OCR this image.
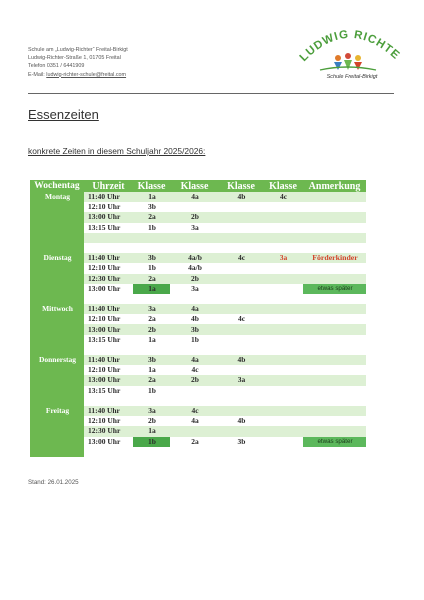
Schule am „Ludwig-Richter“ Freital-Birkigt
Ludwig-Richter-Straße 1, 01705 Freital
Telefon 0351 / 6441909
E-Mail: ludwig-richter-schule@freital.com
LUDWIG RICHTE
Schule Freital-Birkigt
Essenzeiten
konkrete Zeiten in diesem Schuljahr 2025/2026:
Wochentag	Uhrzeit	Klasse	Klasse	Klasse	Klasse	Anmerkung
Montag	11:40 Uhr	1a	4a	4b	4c	
	12:10 Uhr	3b				
	13:00 Uhr	2a	2b			
	13:15 Uhr	1b	3a			

Dienstag	11:40 Uhr	3b	4a/b	4c	3a	Förderkinder
	12:10 Uhr	1b	4a/b			
	12:30 Uhr	2a	2b			
	13:00 Uhr	1a	3a			etwas später

Mittwoch	11:40 Uhr	3a	4a			
	12:10 Uhr	2a	4b	4c		
	13:00 Uhr	2b	3b			
	13:15 Uhr	1a	1b			

Donnerstag	11:40 Uhr	3b	4a	4b		
	12:10 Uhr	1a	4c			
	13:00 Uhr	2a	2b	3a		
	13:15 Uhr	1b				

Freitag	11:40 Uhr	3a	4c			
	12:10 Uhr	2b	4a	4b		
	12:30 Uhr	1a				
	13:00 Uhr	1b	2a	3b		etwas später

Stand: 26.01.2025
